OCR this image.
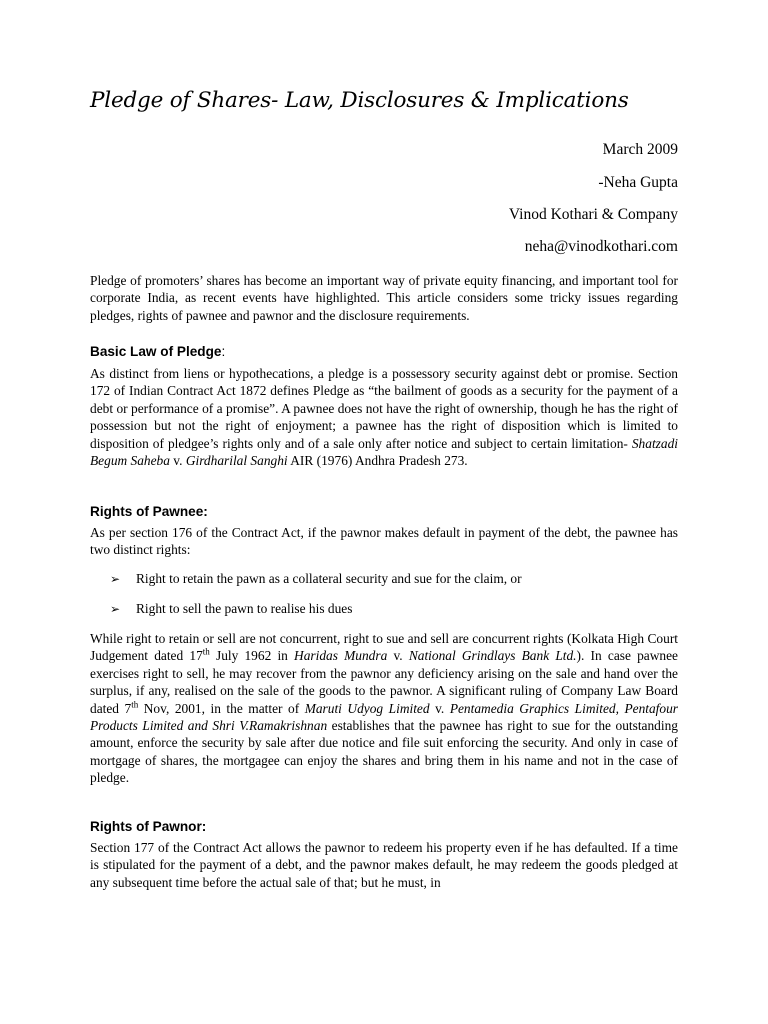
Pledge of Shares- Law, Disclosures & Implications
March 2009
-Neha Gupta
Vinod Kothari & Company
neha@vinodkothari.com

Pledge of promoters’ shares has become an important way of private equity financing, and important tool for corporate India, as recent events have highlighted. This article considers some tricky issues regarding pledges, rights of pawnee and pawnor and the disclosure requirements.

Basic Law of Pledge:

As distinct from liens or hypothecations, a pledge is a possessory security against debt or promise. Section 172 of Indian Contract Act 1872 defines Pledge as “the bailment of goods as a security for the payment of a debt or performance of a promise”. A pawnee does not have the right of ownership, though he has the right of possession but not the right of enjoyment; a pawnee has the right of disposition which is limited to disposition of pledgee’s rights only and of a sale only after notice and subject to certain limitation- Shatzadi Begum Saheba v. Girdharilal Sanghi AIR (1976) Andhra Pradesh 273.

Rights of Pawnee:

As per section 176 of the Contract Act, if the pawnor makes default in payment of the debt, the pawnee has two distinct rights:

➢ Right to retain the pawn as a collateral security and sue for the claim, or
➢ Right to sell the pawn to realise his dues

While right to retain or sell are not concurrent, right to sue and sell are concurrent rights (Kolkata High Court Judgement dated 17th July 1962 in Haridas Mundra v. National Grindlays Bank Ltd.). In case pawnee exercises right to sell, he may recover from the pawnor any deficiency arising on the sale and hand over the surplus, if any, realised on the sale of the goods to the pawnor. A significant ruling of Company Law Board dated 7th Nov, 2001, in the matter of Maruti Udyog Limited v. Pentamedia Graphics Limited, Pentafour Products Limited and Shri V.Ramakrishnan establishes that the pawnee has right to sue for the outstanding amount, enforce the security by sale after due notice and file suit enforcing the security. And only in case of mortgage of shares, the mortgagee can enjoy the shares and bring them in his name and not in the case of pledge.

Rights of Pawnor:

Section 177 of the Contract Act allows the pawnor to redeem his property even if he has defaulted. If a time is stipulated for the payment of a debt, and the pawnor makes default, he may redeem the goods pledged at any subsequent time before the actual sale of that; but he must, in
